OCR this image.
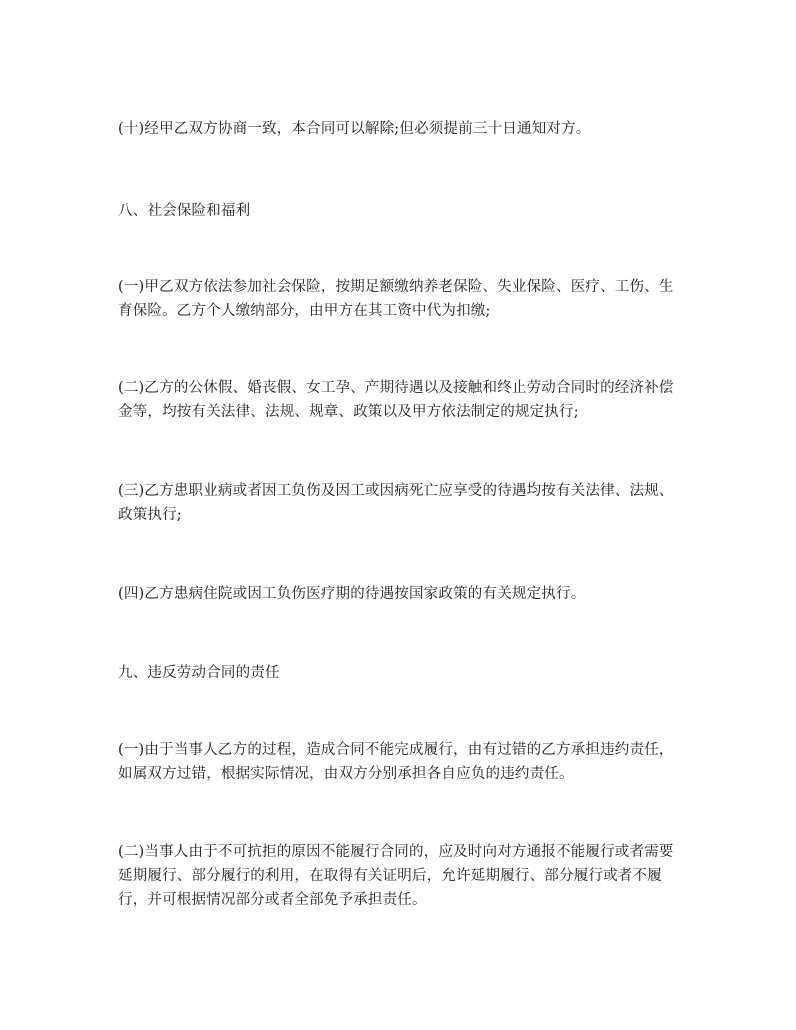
(十)经甲乙双方协商一致，本合同可以解除;但必须提前三十日通知对方。

八、社会保险和福利

(一)甲乙双方依法参加社会保险，按期足额缴纳养老保险、失业保险、医疗、工伤、生育保险。乙方个人缴纳部分，由甲方在其工资中代为扣缴;

(二)乙方的公休假、婚丧假、女工孕、产期待遇以及接触和终止劳动合同时的经济补偿金等，均按有关法律、法规、规章、政策以及甲方依法制定的规定执行;

(三)乙方患职业病或者因工负伤及因工或因病死亡应享受的待遇均按有关法律、法规、政策执行;

(四)乙方患病住院或因工负伤医疗期的待遇按国家政策的有关规定执行。

九、违反劳动合同的责任

(一)由于当事人乙方的过程，造成合同不能完成履行，由有过错的乙方承担违约责任，如属双方过错，根据实际情况，由双方分别承担各自应负的违约责任。

(二)当事人由于不可抗拒的原因不能履行合同的，应及时向对方通报不能履行或者需要延期履行、部分履行的利用，在取得有关证明后，允许延期履行、部分履行或者不履行，并可根据情况部分或者全部免予承担责任。
